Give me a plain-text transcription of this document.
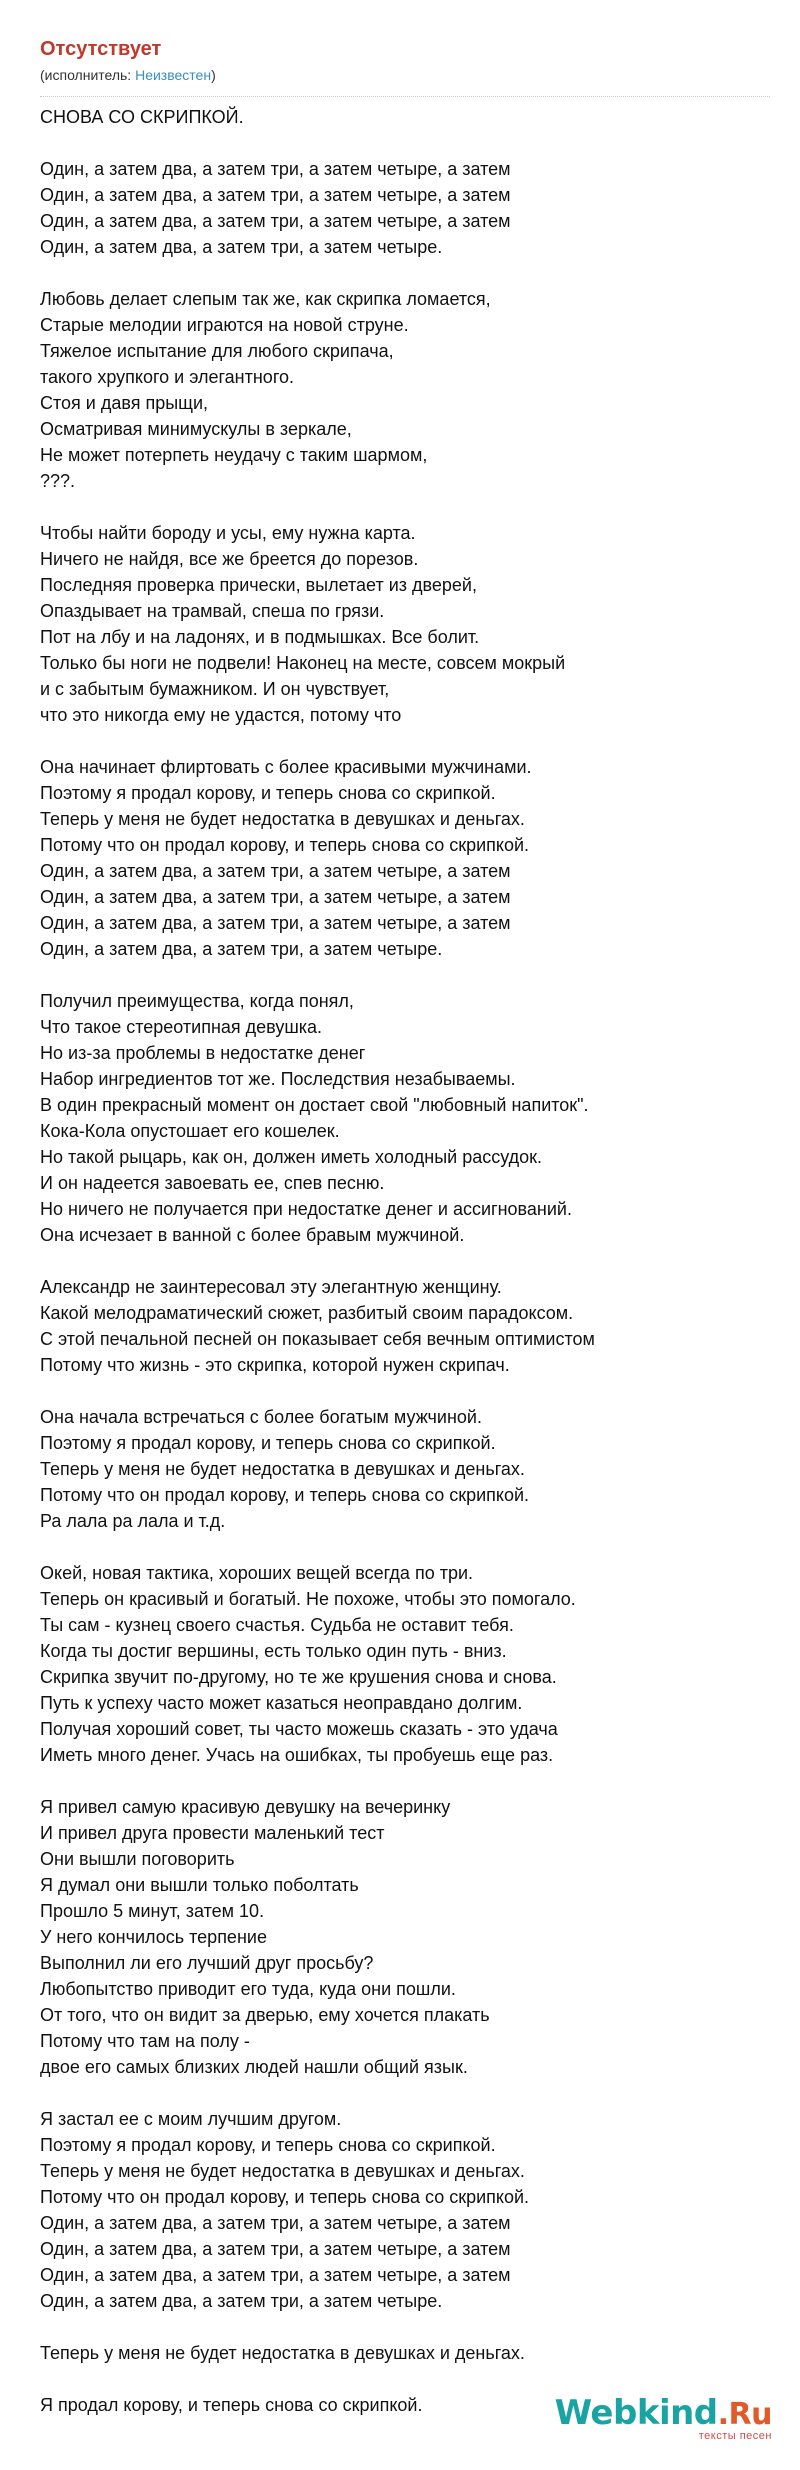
Отсутствует
(исполнитель: Неизвестен)
СНОВА СО СКРИПКОЙ.
Один, а затем два, а затем три, а затем четыре, а затем
Один, а затем два, а затем три, а затем четыре, а затем
Один, а затем два, а затем три, а затем четыре, а затем
Один, а затем два, а затем три, а затем четыре.
Любовь делает слепым так же, как скрипка ломается,
Старые мелодии играются на новой струне.
Тяжелое испытание для любого скрипача,
такого хрупкого и элегантного.
Стоя и давя прыщи,
Осматривая минимускулы в зеркале,
Не может потерпеть неудачу с таким шармом,
???.
Чтобы найти бороду и усы, ему нужна карта.
Ничего не найдя, все же бреется до порезов.
Последняя проверка прически, вылетает из дверей,
Опаздывает на трамвай, спеша по грязи.
Пот на лбу и на ладонях, и в подмышках. Все болит.
Только бы ноги не подвели! Наконец на месте, совсем мокрый
и с забытым бумажником. И он чувствует,
что это никогда ему не удастся, потому что
Она начинает флиртовать с более красивыми мужчинами.
Поэтому я продал корову, и теперь снова со скрипкой.
Теперь у меня не будет недостатка в девушках и деньгах.
Потому что он продал корову, и теперь снова со скрипкой.
Один, а затем два, а затем три, а затем четыре, а затем
Один, а затем два, а затем три, а затем четыре, а затем
Один, а затем два, а затем три, а затем четыре, а затем
Один, а затем два, а затем три, а затем четыре.
Получил преимущества, когда понял,
Что такое стереотипная девушка.
Но из-за проблемы в недостатке денег
Набор ингредиентов тот же. Последствия незабываемы.
В один прекрасный момент он достает свой "любовный напиток".
Кока-Кола опустошает его кошелек.
Но такой рыцарь, как он, должен иметь холодный рассудок.
И он надеется завоевать ее, спев песню.
Но ничего не получается при недостатке денег и ассигнований.
Она исчезает в ванной с более бравым мужчиной.
Александр не заинтересовал эту элегантную женщину.
Какой мелодраматический сюжет, разбитый своим парадоксом.
С этой печальной песней он показывает себя вечным оптимистом
Потому что жизнь - это скрипка, которой нужен скрипач.
Она начала встречаться с более богатым мужчиной.
Поэтому я продал корову, и теперь снова со скрипкой.
Теперь у меня не будет недостатка в девушках и деньгах.
Потому что он продал корову, и теперь снова со скрипкой.
Ра лала ра лала и т.д.
Окей, новая тактика, хороших вещей всегда по три.
Теперь он красивый и богатый. Не похоже, чтобы это помогало.
Ты сам - кузнец своего счастья. Судьба не оставит тебя.
Когда ты достиг вершины, есть только один путь - вниз.
Скрипка звучит по-другому, но те же крушения снова и снова.
Путь к успеху часто может казаться неоправдано долгим.
Получая хороший совет, ты часто можешь сказать - это удача
Иметь много денег. Учась на ошибках, ты пробуешь еще раз.
Я привел самую красивую девушку на вечеринку
И привел друга провести маленький тест
Они вышли поговорить
Я думал они вышли только поболтать
Прошло 5 минут, затем 10.
У него кончилось терпение
Выполнил ли его лучший друг просьбу?
Любопытство приводит его туда, куда они пошли.
От того, что он видит за дверью, ему хочется плакать
Потому что там на полу -
двое его самых близких людей нашли общий язык.
Я застал ее с моим лучшим другом.
Поэтому я продал корову, и теперь снова со скрипкой.
Теперь у меня не будет недостатка в девушках и деньгах.
Потому что он продал корову, и теперь снова со скрипкой.
Один, а затем два, а затем три, а затем четыре, а затем
Один, а затем два, а затем три, а затем четыре, а затем
Один, а затем два, а затем три, а затем четыре, а затем
Один, а затем два, а затем три, а затем четыре.
Теперь у меня не будет недостатка в девушках и деньгах.
Я продал корову, и теперь снова со скрипкой.	Webkind.Ru
тексты песен
